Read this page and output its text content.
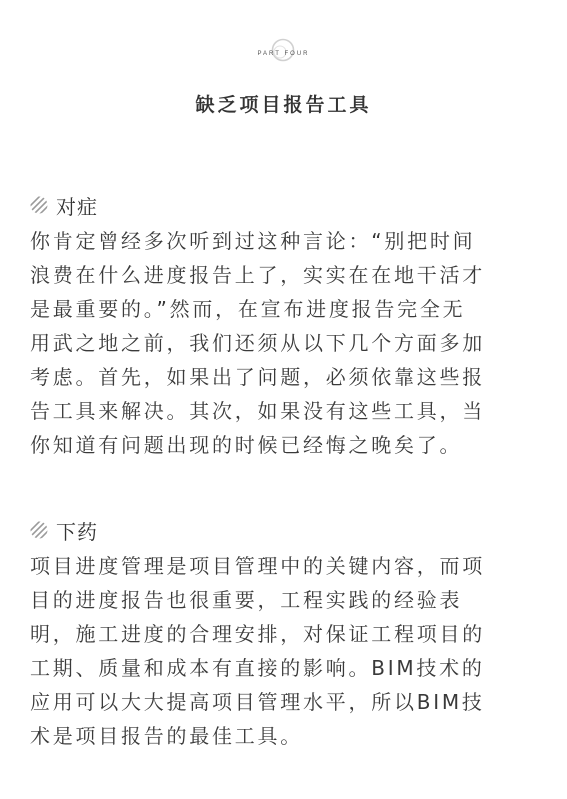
PART FOUR
缺乏项目报告工具
对症
你肯定曾经多次听到过这种言论：“别把时间
浪费在什么进度报告上了，实实在在地干活才
是最重要的。”然而，在宣布进度报告完全无
用武之地之前，我们还须从以下几个方面多加
考虑。首先，如果出了问题，必须依靠这些报
告工具来解决。其次，如果没有这些工具，当
你知道有问题出现的时候已经悔之晚矣了。
下药
项目进度管理是项目管理中的关键内容，而项
目的进度报告也很重要，工程实践的经验表
明，施工进度的合理安排，对保证工程项目的
工期、质量和成本有直接的影响。BIM技术的
应用可以大大提高项目管理水平，所以BIM技
术是项目报告的最佳工具。
